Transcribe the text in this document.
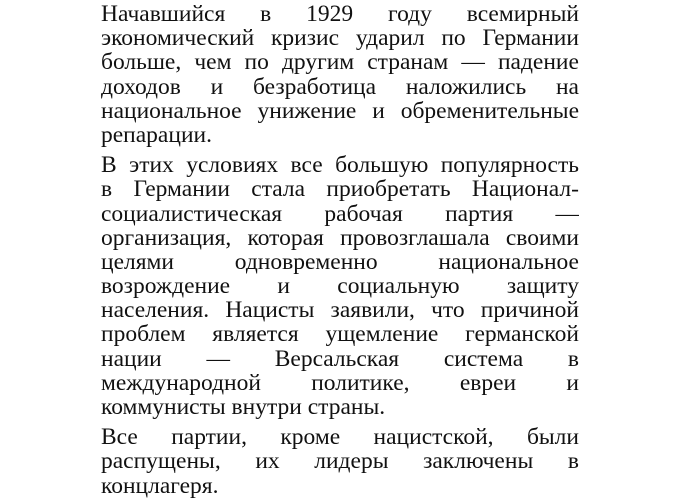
Начавшийся в 1929 году всемирный
экономический кризис ударил по Германии
больше, чем по другим странам — падение
доходов и безработица наложились на
национальное унижение и обременительные
репарации.
В этих условиях все большую популярность
в Германии стала приобретать Национал-
социалистическая рабочая партия —
организация, которая провозглашала своими
целями	одновременно	национальное
возрождение и социальную защиту
населения. Нацисты заявили, что причиной
проблем является ущемление германской
нации — Версальская система в
международной политике, евреи и
коммунисты внутри страны.
Все партии, кроме нацистской, были
распущены, их лидеры заключены в
концлагеря.
